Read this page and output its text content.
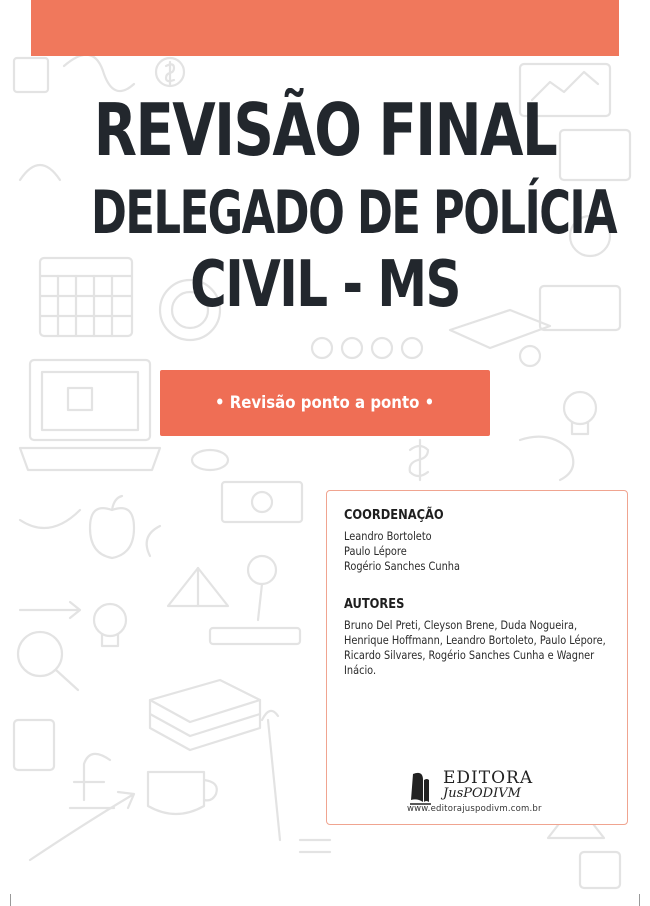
REVISÃO FINAL
DELEGADO DE POLÍCIA
CIVIL - MS
• Revisão ponto a ponto •
COORDENAÇÃO
Leandro Bortoleto
Paulo Lépore
Rogério Sanches Cunha
AUTORES
Bruno Del Preti, Cleyson Brene, Duda Nogueira, Henrique Hoffmann, Leandro Bortoleto, Paulo Lépore, Ricardo Silvares, Rogério Sanches Cunha e Wagner Inácio.
EDITORA
JusPODIVM
www.editorajuspodivm.com.br
